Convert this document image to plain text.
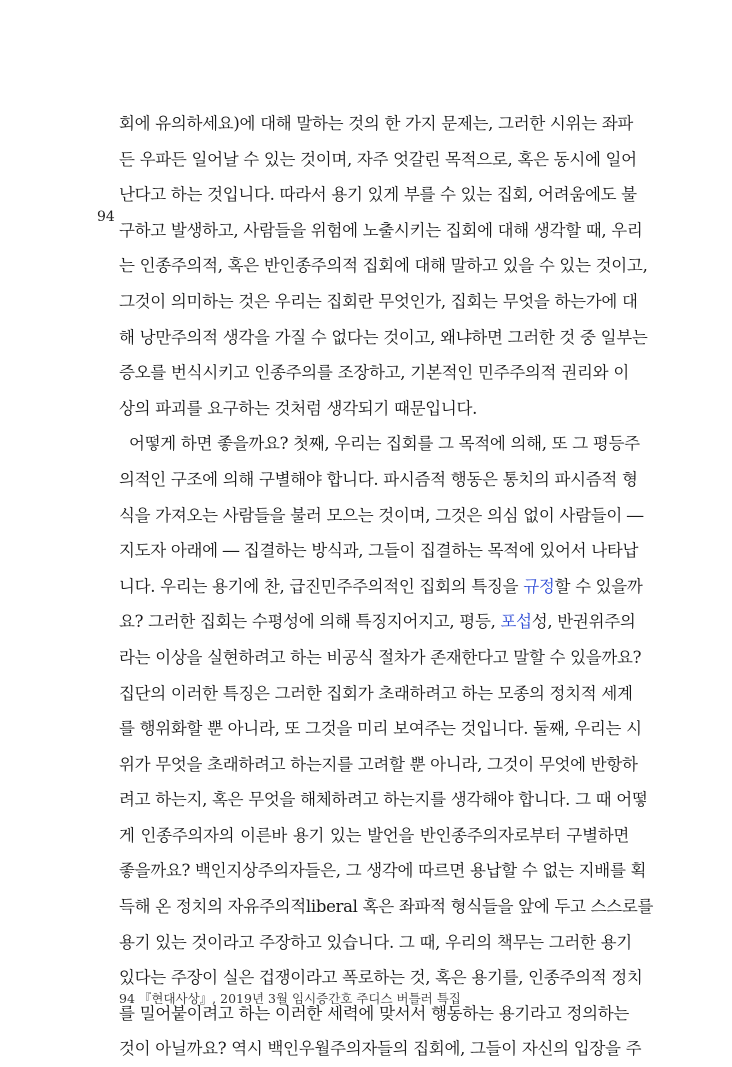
94
회에 유의하세요)에 대해 말하는 것의 한 가지 문제는, 그러한 시위는 좌파
든 우파든 일어날 수 있는 것이며, 자주 엇갈린 목적으로, 혹은 동시에 일어
난다고 하는 것입니다. 따라서 용기 있게 부를 수 있는 집회, 어려움에도 불
구하고 발생하고, 사람들을 위험에 노출시키는 집회에 대해 생각할 때, 우리
는 인종주의적, 혹은 반인종주의적 집회에 대해 말하고 있을 수 있는 것이고,
그것이 의미하는 것은 우리는 집회란 무엇인가, 집회는 무엇을 하는가에 대
해 낭만주의적 생각을 가질 수 없다는 것이고, 왜냐하면 그러한 것 중 일부는
증오를 번식시키고 인종주의를 조장하고, 기본적인 민주주의적 권리와 이
상의 파괴를 요구하는 것처럼 생각되기 때문입니다.
어떻게 하면 좋을까요? 첫째, 우리는 집회를 그 목적에 의해, 또 그 평등주
의적인 구조에 의해 구별해야 합니다. 파시즘적 행동은 통치의 파시즘적 형
식을 가져오는 사람들을 불러 모으는 것이며, 그것은 의심 없이 사람들이 ―
지도자 아래에 ― 집결하는 방식과, 그들이 집결하는 목적에 있어서 나타납
니다. 우리는 용기에 찬, 급진민주주의적인 집회의 특징을 규정할 수 있을까
요? 그러한 집회는 수평성에 의해 특징지어지고, 평등, 포섭성, 반권위주의
라는 이상을 실현하려고 하는 비공식 절차가 존재한다고 말할 수 있을까요?
집단의 이러한 특징은 그러한 집회가 초래하려고 하는 모종의 정치적 세계
를 행위화할 뿐 아니라, 또 그것을 미리 보여주는 것입니다. 둘째, 우리는 시
위가 무엇을 초래하려고 하는지를 고려할 뿐 아니라, 그것이 무엇에 반항하
려고 하는지, 혹은 무엇을 해체하려고 하는지를 생각해야 합니다. 그 때 어떻
게 인종주의자의 이른바 용기 있는 발언을 반인종주의자로부터 구별하면
좋을까요? 백인지상주의자들은, 그 생각에 따르면 용납할 수 없는 지배를 획
득해 온 정치의 자유주의적liberal 혹은 좌파적 형식들을 앞에 두고 스스로를
용기 있는 것이라고 주장하고 있습니다. 그 때, 우리의 책무는 그러한 용기
있다는 주장이 실은 겁쟁이라고 폭로하는 것, 혹은 용기를, 인종주의적 정치
를 밀어붙이려고 하는 이러한 세력에 맞서서 행동하는 용기라고 정의하는
것이 아닐까요? 역시 백인우월주의자들의 집회에, 그들이 자신의 입장을 주
94 『현대사상』, 2019년 3월 임시증간호 주디스 버틀러 특집
